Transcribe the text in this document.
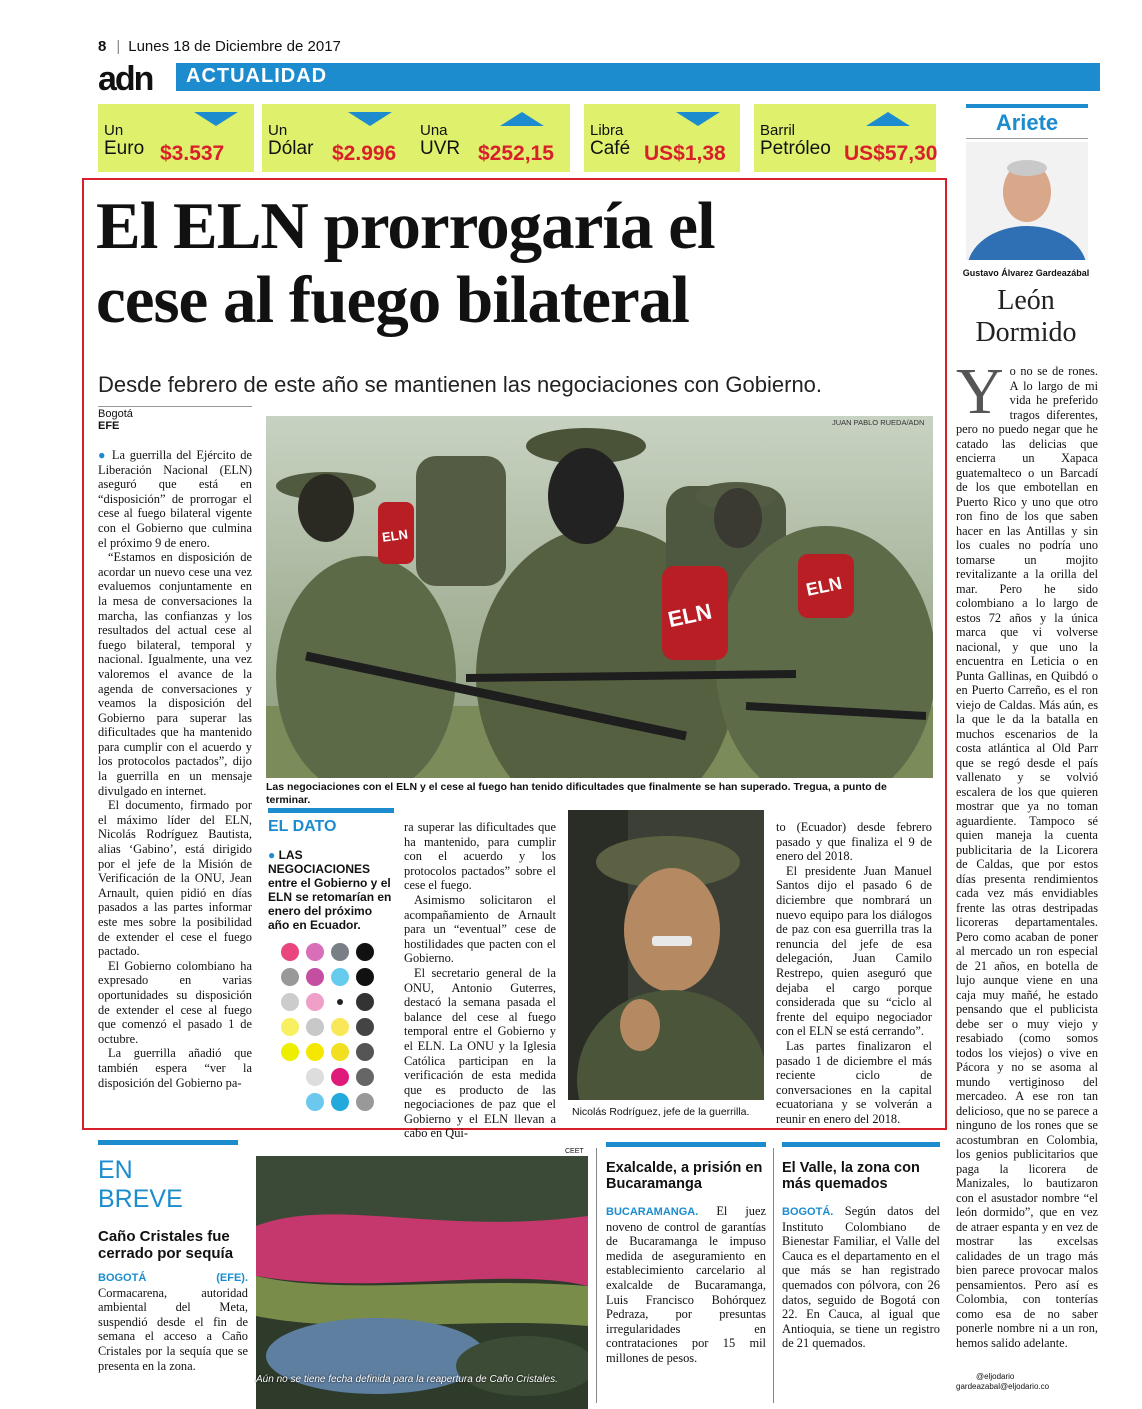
8 | Lunes 18 de Diciembre de 2017
adn	ACTUALIDAD
Un
Euro $3.537
Un
Dólar $2.996
Una
UVR $252,15
Libra
Café US$1,38
Barril
Petróleo US$57,30
El ELN prorrogaría el
cese al fuego bilateral
Desde febrero de este año se mantienen las negociaciones con Gobierno.
Bogotá
EFE
ELN
ELN
ELN
JUAN PABLO RUEDA/ADN
Las negociaciones con el ELN y el cese al fuego han tenido dificultades que finalmente se han superado. Tregua, a punto de terminar.

● La guerrilla del Ejército de Liberación Nacional (ELN) aseguró que está en “disposición” de prorrogar el cese al fuego bilateral vigente con el Gobierno que culmina el próximo 9 de enero.

“Estamos en disposición de acordar un nuevo cese una vez evaluemos conjuntamente en la mesa de conversaciones la marcha, las confianzas y los resultados del actual cese al fuego bilateral, temporal y nacional. Igualmente, una vez valoremos el avance de la agenda de conversaciones y veamos la disposición del Gobierno para superar las dificultades que ha mantenido para cumplir con el acuerdo y los protocolos pactados”, dijo la guerrilla en un mensaje divulgado en internet.

El documento, firmado por el máximo líder del ELN, Nicolás Rodríguez Bautista, alias ‘Gabino’, está dirigido por el jefe de la Misión de Verificación de la ONU, Jean Arnault, quien pidió en días pasados a las partes informar este mes sobre la posibilidad de extender el cese el fuego pactado.

El Gobierno colombiano ha expresado en varias oportunidades su disposición de extender el cese al fuego que comenzó el pasado 1 de octubre.

La guerrilla añadió que también espera “ver la disposición del Gobierno pa-

EL DATO
● LAS NEGOCIACIONES entre el Gobierno y el ELN se retomarían en enero del próximo año en Ecuador.

ra superar las dificultades que ha mantenido, para cumplir con el acuerdo y los protocolos pactados” sobre el cese el fuego.

Asimismo solicitaron el acompañamiento de Arnault para un “eventual” cese de hostilidades que pacten con el Gobierno.

El secretario general de la ONU, Antonio Guterres, destacó la semana pasada el balance del cese al fuego temporal entre el Gobierno y el ELN. La ONU y la Iglesia Católica participan en la verificación de esta medida que es producto de las negociaciones de paz que el Gobierno y el ELN llevan a cabo en Qui-

Nicolás Rodríguez, jefe de la guerrilla.

to (Ecuador) desde febrero pasado y que finaliza el 9 de enero del 2018.

El presidente Juan Manuel Santos dijo el pasado 6 de diciembre que nombrará un nuevo equipo para los diálogos de paz con esa guerrilla tras la renuncia del jefe de esa delegación, Juan Camilo Restrepo, quien aseguró que dejaba el cargo porque considerada que su “ciclo al frente del equipo negociador con el ELN se está cerrando”.

Las partes finalizaron el pasado 1 de diciembre el más reciente ciclo de conversaciones en la capital ecuatoriana y se volverán a reunir en enero del 2018.

Ariete
Gustavo Álvarez Gardeazábal
León
Dormido

Yo no se de rones. A lo largo de mi vida he preferido tragos diferentes, pero no puedo negar que he catado las delicias que encierra un Xapaca guatemalteco o un Barcadí de los que embotellan en Puerto Rico y uno que otro ron fino de los que saben hacer en las Antillas y sin los cuales no podría uno tomarse un mojito revitalizante a la orilla del mar. Pero he sido colombiano a lo largo de estos 72 años y la única marca que vi volverse nacional, y que uno la encuentra en Leticia o en Punta Gallinas, en Quibdó o en Puerto Carreño, es el ron viejo de Caldas. Más aún, es la que le da la batalla en muchos escenarios de la costa atlántica al Old Parr que se regó desde el país vallenato y se volvió escalera de los que quieren mostrar que ya no toman aguardiente. Tampoco sé quien maneja la cuenta publicitaria de la Licorera de Caldas, que por estos días presenta rendimientos cada vez más envidiables frente las otras destripadas licoreras departamentales. Pero como acaban de poner al mercado un ron especial de 21 años, en botella de lujo aunque viene en una caja muy mañé, he estado pensando que el publicista debe ser o muy viejo y resabiado (como somos todos los viejos) o vive en Pácora y no se asoma al mundo vertiginoso del mercadeo. A ese ron tan delicioso, que no se parece a ninguno de los rones que se acostumbran en Colombia, los genios publicitarios que paga la licorera de Manizales, lo bautizaron con el asustador nombre “el león dormido”, que en vez de atraer espanta y en vez de mostrar las excelsas calidades de un trago más bien parece provocar malos pensamientos. Pero así es Colombia, con tonterías como esa de no saber ponerle nombre ni a un ron, hemos salido adelante.

@eljodario
gardeazabal@eljodario.co
EN
BREVE
Caño Cristales fue cerrado por sequía

BOGOTÁ (EFE). Cormacarena, autoridad ambiental del Meta, suspendió desde el fin de semana el acceso a Caño Cristales por la sequía que se presenta en la zona.

CEET
Aún no se tiene fecha definida para la reapertura de Caño Cristales.
Exalcalde, a prisión en Bucaramanga

BUCARAMANGA. El juez noveno de control de garantías de Bucaramanga le impuso medida de aseguramiento en establecimiento carcelario al exalcalde de Bucaramanga, Luis Francisco Bohórquez Pedraza, por presuntas irregularidades en contrataciones por 15 mil millones de pesos.

El Valle, la zona con más quemados

BOGOTÁ. Según datos del Instituto Colombiano de Bienestar Familiar, el Valle del Cauca es el departamento en el que más se han registrado quemados con pólvora, con 26 datos, seguido de Bogotá con 22. En Cauca, al igual que Antioquia, se tiene un registro de 21 quemados.
